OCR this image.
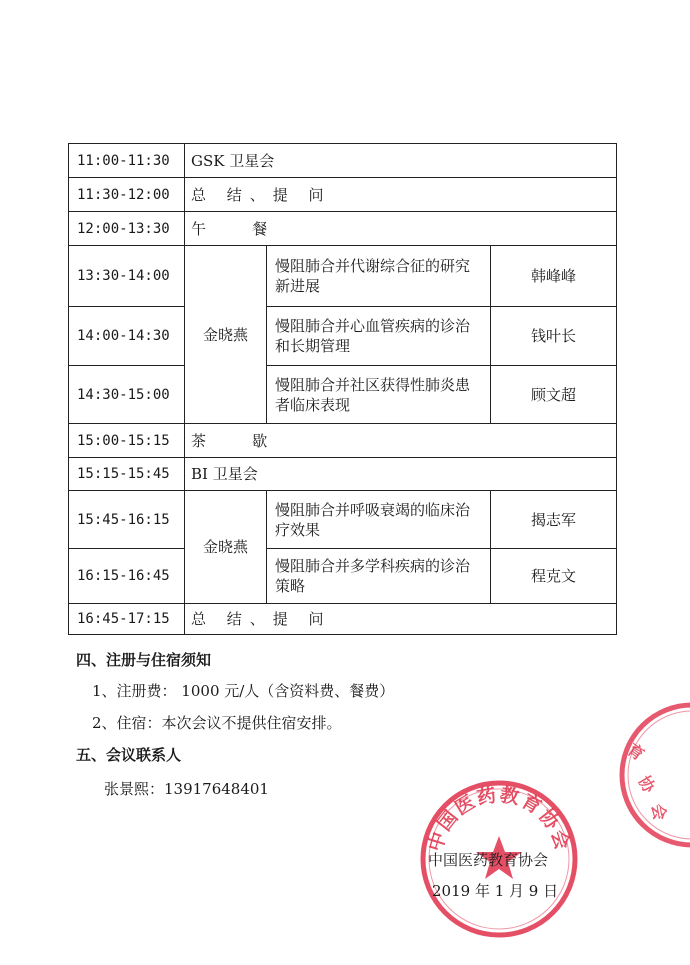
11:00-11:30	GSK 卫星会		
11:30-12:00	总 结、提 问		
12:00-13:30	午   餐		
13:30-14:00	金晓燕	慢阻肺合并代谢综合征的研究新进展	韩峰峰
14:00-14:30		慢阻肺合并心血管疾病的诊治和长期管理	钱叶长
14:30-15:00		慢阻肺合并社区获得性肺炎患者临床表现	顾文超
15:00-15:15	茶   歇		
15:15-15:45	BI 卫星会		
15:45-16:15	金晓燕	慢阻肺合并呼吸衰竭的临床治疗效果	揭志军
16:15-16:45		慢阻肺合并多学科疾病的诊治策略	程克文
16:45-17:15	总 结、提 问		
四、注册与住宿须知
1、注册费： 1000 元/人（含资料费、餐费）
2、住宿：本次会议不提供住宿安排。
五、会议联系人
张景熙：13917648401
中国医药教育协会
育
协
会
中国医药教育协会
2019 年 1 月 9 日
